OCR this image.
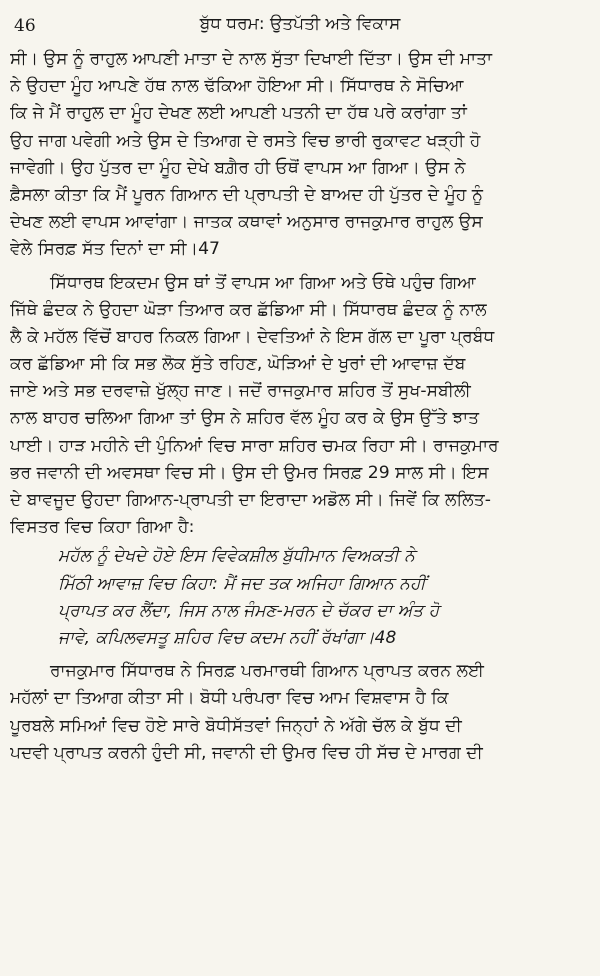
46	ਬੁੱਧ ਧਰਮ: ਉਤਪੱਤੀ ਅਤੇ ਵਿਕਾਸ
ਸੀ। ਉਸ ਨੂੰ ਰਾਹੁਲ ਆਪਣੀ ਮਾਤਾ ਦੇ ਨਾਲ ਸੁੱਤਾ ਦਿਖਾਈ ਦਿੱਤਾ। ਉਸ ਦੀ ਮਾਤਾ
ਨੇ ਉਹਦਾ ਮੂੰਹ ਆਪਣੇ ਹੱਥ ਨਾਲ ਢੱਕਿਆ ਹੋਇਆ ਸੀ। ਸਿੱਧਾਰਥ ਨੇ ਸੋਚਿਆ
ਕਿ ਜੇ ਮੈਂ ਰਾਹੁਲ ਦਾ ਮੂੰਹ ਦੇਖਣ ਲਈ ਆਪਣੀ ਪਤਨੀ ਦਾ ਹੱਥ ਪਰੇ ਕਰਾਂਗਾ ਤਾਂ
ਉਹ ਜਾਗ ਪਵੇਗੀ ਅਤੇ ਉਸ ਦੇ ਤਿਆਗ ਦੇ ਰਸਤੇ ਵਿਚ ਭਾਰੀ ਰੁਕਾਵਟ ਖੜ੍ਹੀ ਹੋ
ਜਾਵੇਗੀ। ਉਹ ਪੁੱਤਰ ਦਾ ਮੂੰਹ ਦੇਖੇ ਬਗ਼ੈਰ ਹੀ ਓਥੋਂ ਵਾਪਸ ਆ ਗਿਆ। ਉਸ ਨੇ
ਫ਼ੈਸਲਾ ਕੀਤਾ ਕਿ ਮੈਂ ਪੂਰਨ ਗਿਆਨ ਦੀ ਪ੍ਰਾਪਤੀ ਦੇ ਬਾਅਦ ਹੀ ਪੁੱਤਰ ਦੇ ਮੂੰਹ ਨੂੰ
ਦੇਖਣ ਲਈ ਵਾਪਸ ਆਵਾਂਗਾ। ਜਾਤਕ ਕਥਾਵਾਂ ਅਨੁਸਾਰ ਰਾਜਕੁਮਾਰ ਰਾਹੁਲ ਉਸ
ਵੇਲੇ ਸਿਰਫ਼ ਸੱਤ ਦਿਨਾਂ ਦਾ ਸੀ।47
ਸਿੱਧਾਰਥ ਇਕਦਮ ਉਸ ਥਾਂ ਤੋਂ ਵਾਪਸ ਆ ਗਿਆ ਅਤੇ ਓਥੇ ਪਹੁੰਚ ਗਿਆ
ਜਿੱਥੇ ਛੰਦਕ ਨੇ ਉਹਦਾ ਘੋੜਾ ਤਿਆਰ ਕਰ ਛੱਡਿਆ ਸੀ। ਸਿੱਧਾਰਥ ਛੰਦਕ ਨੂੰ ਨਾਲ
ਲੈ ਕੇ ਮਹੱਲ ਵਿੱਚੋਂ ਬਾਹਰ ਨਿਕਲ ਗਿਆ। ਦੇਵਤਿਆਂ ਨੇ ਇਸ ਗੱਲ ਦਾ ਪੂਰਾ ਪ੍ਰਬੰਧ
ਕਰ ਛੱਡਿਆ ਸੀ ਕਿ ਸਭ ਲੋਕ ਸੁੱਤੇ ਰਹਿਣ, ਘੋੜਿਆਂ ਦੇ ਖੁਰਾਂ ਦੀ ਆਵਾਜ਼ ਦੱਬ
ਜਾਏ ਅਤੇ ਸਭ ਦਰਵਾਜ਼ੇ ਖੁੱਲ੍ਹ ਜਾਣ। ਜਦੋਂ ਰਾਜਕੁਮਾਰ ਸ਼ਹਿਰ ਤੋਂ ਸੁਖ-ਸਬੀਲੀ
ਨਾਲ ਬਾਹਰ ਚਲਿਆ ਗਿਆ ਤਾਂ ਉਸ ਨੇ ਸ਼ਹਿਰ ਵੱਲ ਮੂੰਹ ਕਰ ਕੇ ਉਸ ਉੱਤੇ ਝਾਤ
ਪਾਈ। ਹਾੜ ਮਹੀਨੇ ਦੀ ਪੁੰਨਿਆਂ ਵਿਚ ਸਾਰਾ ਸ਼ਹਿਰ ਚਮਕ ਰਿਹਾ ਸੀ। ਰਾਜਕੁਮਾਰ
ਭਰ ਜਵਾਨੀ ਦੀ ਅਵਸਥਾ ਵਿਚ ਸੀ। ਉਸ ਦੀ ਉਮਰ ਸਿਰਫ਼ 29 ਸਾਲ ਸੀ। ਇਸ
ਦੇ ਬਾਵਜੂਦ ਉਹਦਾ ਗਿਆਨ-ਪ੍ਰਾਪਤੀ ਦਾ ਇਰਾਦਾ ਅਡੋਲ ਸੀ। ਜਿਵੇਂ ਕਿ ਲਲਿਤ-
ਵਿਸਤਰ ਵਿਚ ਕਿਹਾ ਗਿਆ ਹੈ:
ਮਹੱਲ ਨੂੰ ਦੇਖਦੇ ਹੋਏ ਇਸ ਵਿਵੇਕਸ਼ੀਲ ਬੁੱਧੀਮਾਨ ਵਿਅਕਤੀ ਨੇ
ਮਿੱਠੀ ਆਵਾਜ਼ ਵਿਚ ਕਿਹਾ: ਮੈਂ ਜਦ ਤਕ ਅਜਿਹਾ ਗਿਆਨ ਨਹੀਂ
ਪ੍ਰਾਪਤ ਕਰ ਲੈਂਦਾ, ਜਿਸ ਨਾਲ ਜੰਮਣ-ਮਰਨ ਦੇ ਚੱਕਰ ਦਾ ਅੰਤ ਹੋ
ਜਾਵੇ, ਕਪਿਲਵਸਤੂ ਸ਼ਹਿਰ ਵਿਚ ਕਦਮ ਨਹੀਂ ਰੱਖਾਂਗਾ।48
ਰਾਜਕੁਮਾਰ ਸਿੱਧਾਰਥ ਨੇ ਸਿਰਫ਼ ਪਰਮਾਰਥੀ ਗਿਆਨ ਪ੍ਰਾਪਤ ਕਰਨ ਲਈ
ਮਹੱਲਾਂ ਦਾ ਤਿਆਗ ਕੀਤਾ ਸੀ। ਬੋਧੀ ਪਰੰਪਰਾ ਵਿਚ ਆਮ ਵਿਸ਼ਵਾਸ ਹੈ ਕਿ
ਪੂਰਬਲੇ ਸਮਿਆਂ ਵਿਚ ਹੋਏ ਸਾਰੇ ਬੋਧੀਸੱਤਵਾਂ ਜਿਨ੍ਹਾਂ ਨੇ ਅੱਗੇ ਚੱਲ ਕੇ ਬੁੱਧ ਦੀ
ਪਦਵੀ ਪ੍ਰਾਪਤ ਕਰਨੀ ਹੁੰਦੀ ਸੀ, ਜਵਾਨੀ ਦੀ ਉਮਰ ਵਿਚ ਹੀ ਸੱਚ ਦੇ ਮਾਰਗ ਦੀ
